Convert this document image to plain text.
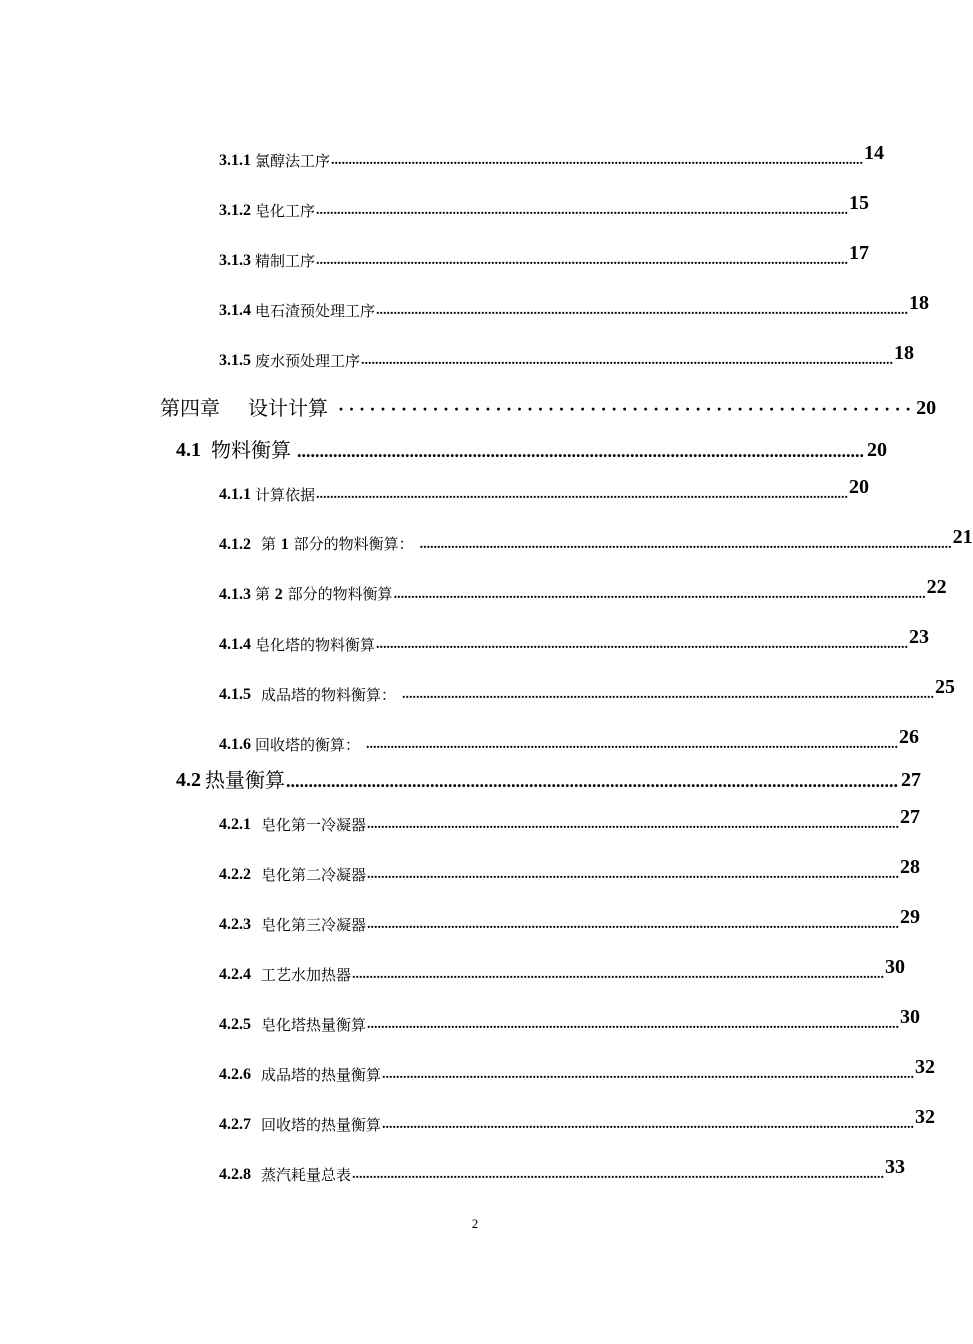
3.1.1 氯醇法工序 ........................................................................................................................................................ 14
3.1.2 皂化工序 ........................................................................................................................................................ 15
3.1.3 精制工序 ........................................................................................................................................................ 17
3.1.4 电石渣预处理工序 ........................................................................................................................................................ 18
3.1.5 废水预处理工序 ........................................................................................................................................................ 18
第四章 设计计算 · · · · · · · · · · · · · · · · · · · · · · · · · · · · · · · · · · · · · · · · · · · · · · · · · · · · · · · 20
4.1 物料衡算 .............................................................................................................................. 20
4.1.1 计算依据 ........................................................................................................................................................ 20
4.1.2 第 1 部分的物料衡算： ........................................................................................................................................................ 21
4.1.3 第 2 部分的物料衡算 ........................................................................................................................................................ 22
4.1.4 皂化塔的物料衡算 ........................................................................................................................................................ 23
4.1.5 成品塔的物料衡算： ........................................................................................................................................................ 25
4.1.6 回收塔的衡算： ........................................................................................................................................................ 26
4.2 热量衡算 ........................................................................................................................................ 27
4.2.1 皂化第一冷凝器 ........................................................................................................................................................ 27
4.2.2 皂化第二冷凝器 ........................................................................................................................................................ 28
4.2.3 皂化第三冷凝器 ........................................................................................................................................................ 29
4.2.4 工艺水加热器 ........................................................................................................................................................ 30
4.2.5 皂化塔热量衡算 ........................................................................................................................................................ 30
4.2.6 成品塔的热量衡算 ........................................................................................................................................................ 32
4.2.7 回收塔的热量衡算 ........................................................................................................................................................ 32
4.2.8 蒸汽耗量总表 ........................................................................................................................................................ 33
2
